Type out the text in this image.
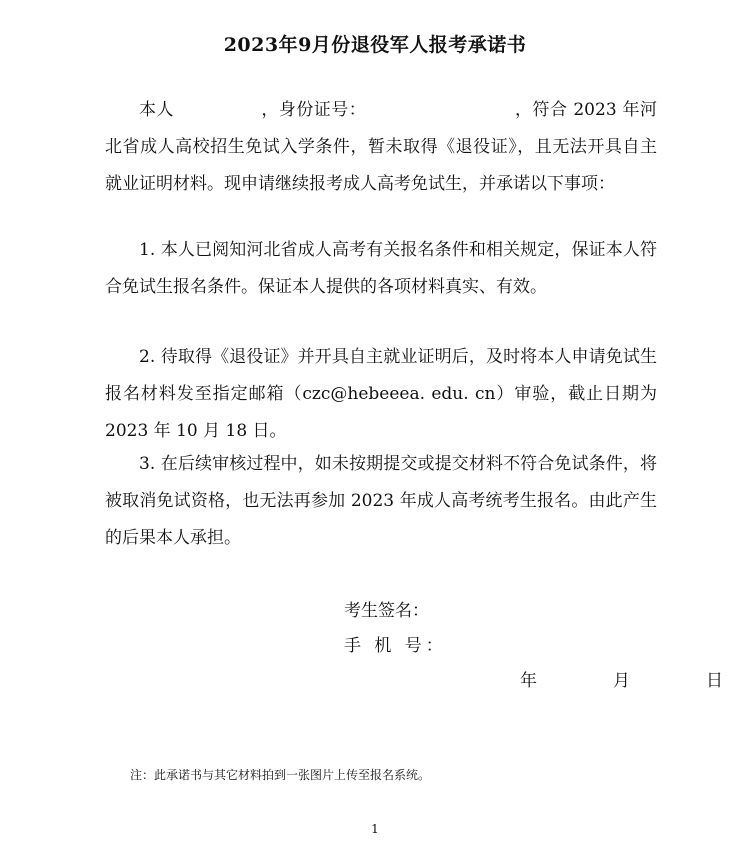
2023年9月份退役军人报考承诺书

本人　　　　　，身份证号：　　　　　　　　　，符合 2023 年河北省成人高校招生免试入学条件，暂未取得《退役证》，且无法开具自主就业证明材料。现申请继续报考成人高考免试生，并承诺以下事项：

1. 本人已阅知河北省成人高考有关报名条件和相关规定，保证本人符合免试生报名条件。保证本人提供的各项材料真实、有效。

2. 待取得《退役证》并开具自主就业证明后，及时将本人申请免试生报名材料发至指定邮箱（czc@hebeeea. edu. cn）审验，截止日期为 2023 年 10 月 18 日。

3. 在后续审核过程中，如未按期提交或提交材料不符合免试条件，将被取消免试资格，也无法再参加 2023 年成人高考统考生报名。由此产生的后果本人承担。

考生签名：
手 机 号：
年　　月　　日
注：此承诺书与其它材料拍到一张图片上传至报名系统。
1
